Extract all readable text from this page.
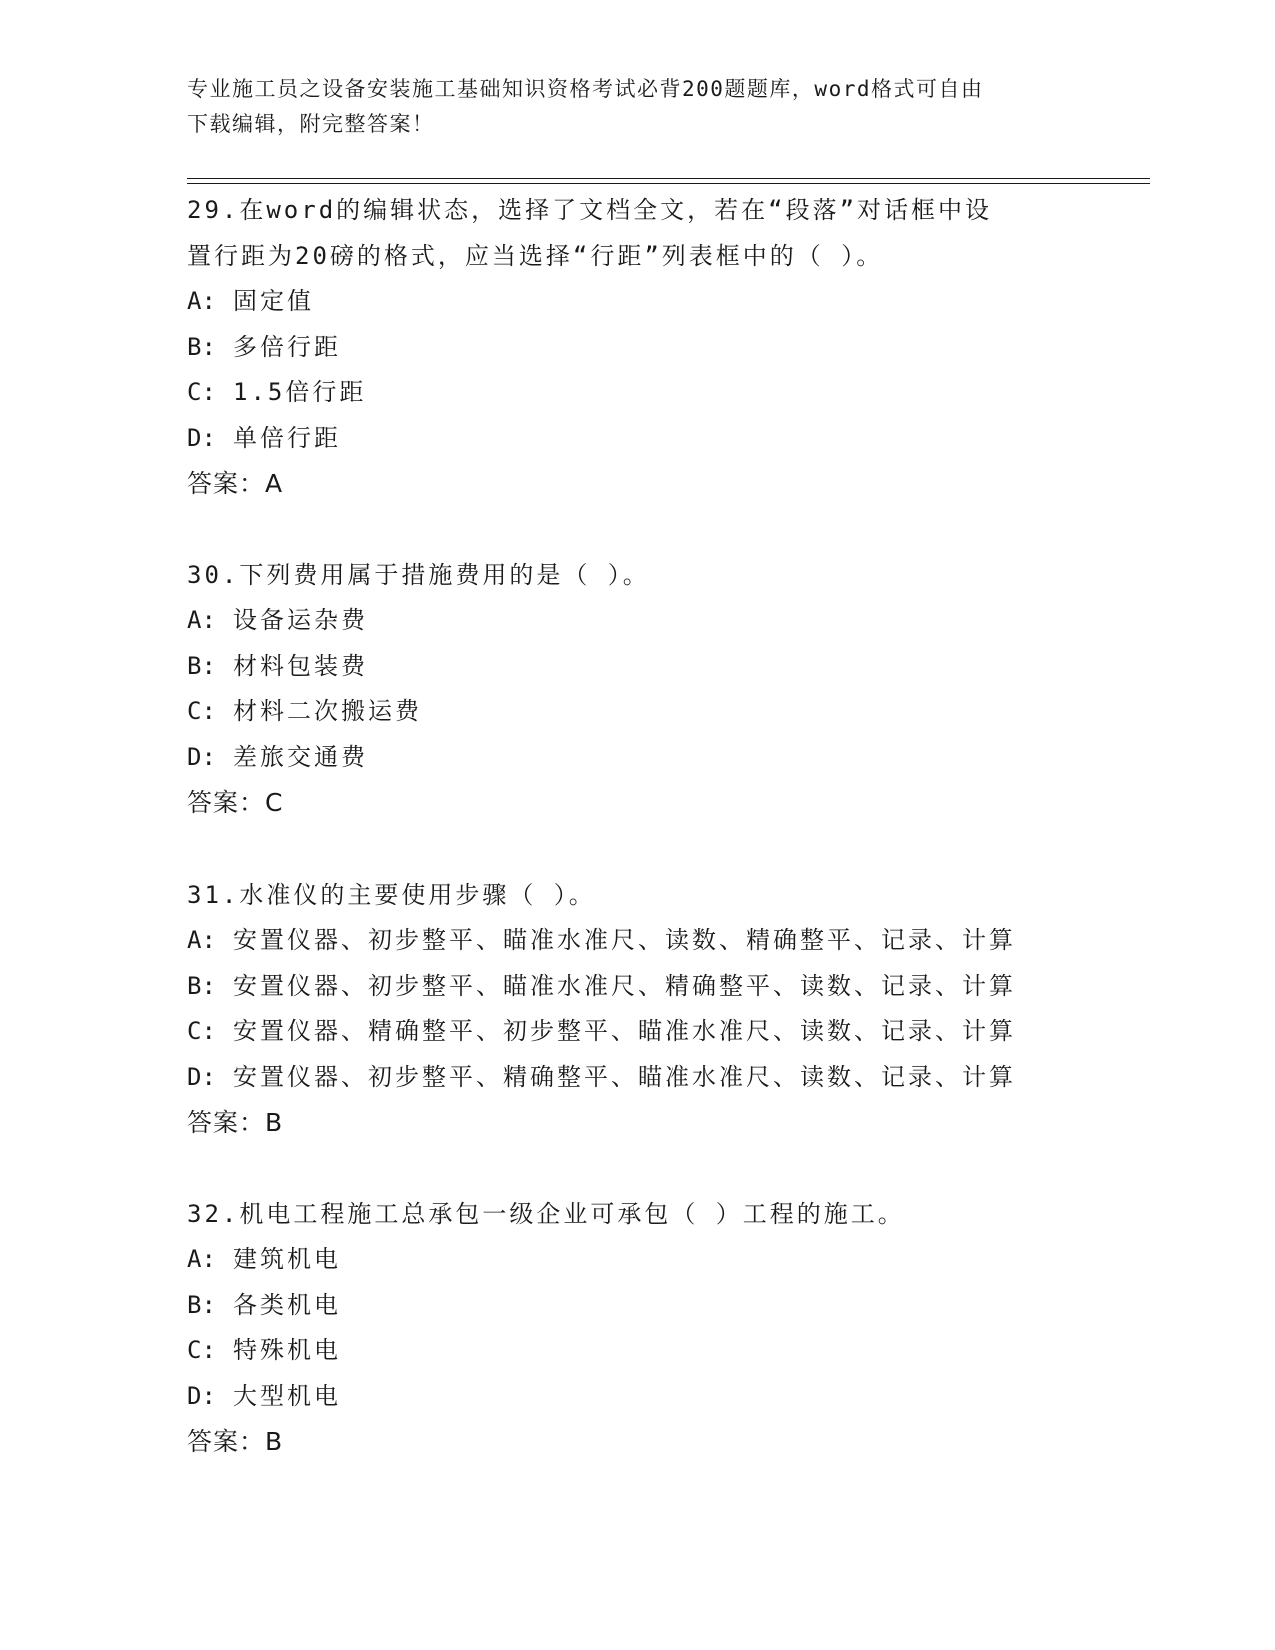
专业施工员之设备安装施工基础知识资格考试必背200题题库，word格式可自由
下载编辑，附完整答案！

29.在word的编辑状态，选择了文档全文，若在“段落”对话框中设

置行距为20磅的格式，应当选择“行距”列表框中的（ ）。

A: 固定值

B: 多倍行距

C: 1.5倍行距

D: 单倍行距

答案：A

30.下列费用属于措施费用的是（ ）。

A: 设备运杂费

B: 材料包装费

C: 材料二次搬运费

D: 差旅交通费

答案：C

31.水准仪的主要使用步骤（ ）。

A: 安置仪器、初步整平、瞄准水准尺、读数、精确整平、记录、计算

B: 安置仪器、初步整平、瞄准水准尺、精确整平、读数、记录、计算

C: 安置仪器、精确整平、初步整平、瞄准水准尺、读数、记录、计算

D: 安置仪器、初步整平、精确整平、瞄准水准尺、读数、记录、计算

答案：B

32.机电工程施工总承包一级企业可承包（ ）工程的施工。

A: 建筑机电

B: 各类机电

C: 特殊机电

D: 大型机电

答案：B
